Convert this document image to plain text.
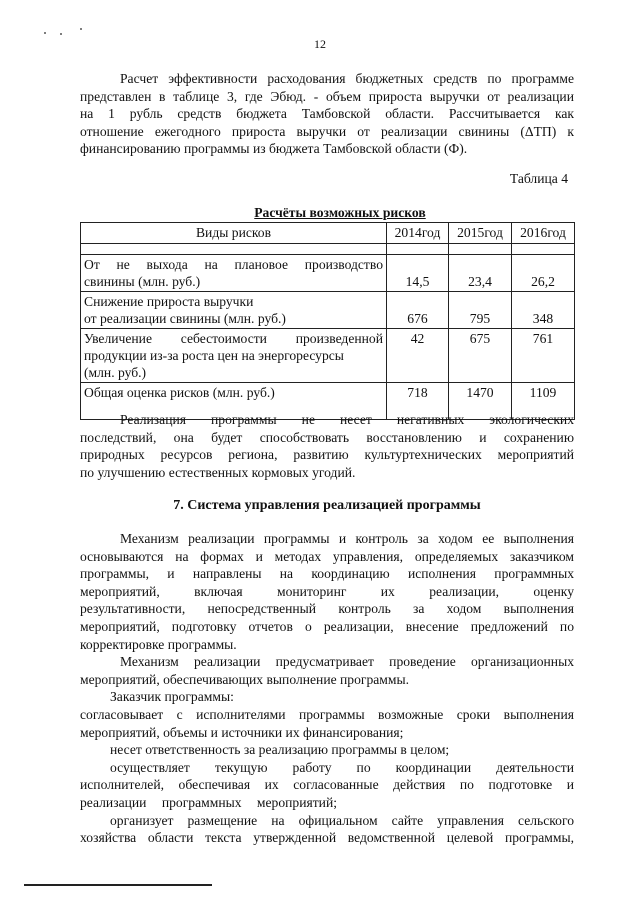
12
Расчет эффективности расходования бюджетных средств по программе
представлен в таблице 3, где Эбюд. - объем прироста выручки от реализации
на 1 рубль средств бюджета Тамбовской области. Рассчитывается как
отношение ежегодного прироста выручки от реализации свинины (ΔТП) к
финансированию программы из бюджета Тамбовской области (Ф).
Таблица 4
Расчёты возможных рисков
Виды рисков	2014год	2015год	2016год

От не выхода на плановое производство
свинины (млн. руб.)	14,5	23,4	26,2

Снижение прироста выручки
от реализации свинины (млн. руб.)	676	795	348

Увеличение себестоимости произведенной
продукции из-за роста цен на энергоресурсы
(млн. руб.)	42	675	761

Общая оценка рисков (млн. руб.)	718	1470	1109
Реализация программы не несет негативных экологических
последствий, она будет способствовать восстановлению и сохранению
природных ресурсов региона, развитию культуртехнических мероприятий
по улучшению естественных кормовых угодий.
7. Система управления реализацией программы
Механизм реализации программы и контроль за ходом ее выполнения
основываются на формах и методах управления, определяемых заказчиком
программы, и направлены на координацию исполнения программных
мероприятий, включая мониторинг их реализации, оценку
результативности, непосредственный контроль за ходом выполнения
мероприятий, подготовку отчетов о реализации, внесение предложений по
корректировке программы.
Механизм реализации предусматривает проведение организационных
мероприятий, обеспечивающих выполнение программы.
Заказчик программы:
согласовывает с исполнителями программы возможные сроки выполнения
мероприятий, объемы и источники их финансирования;
несет ответственность за реализацию программы в целом;
осуществляет текущую работу по координации деятельности
исполнителей, обеспечивая их согласованные действия по подготовке и
реализации программных мероприятий;
организует размещение на официальном сайте управления сельского
хозяйства области текста утвержденной ведомственной целевой программы,
